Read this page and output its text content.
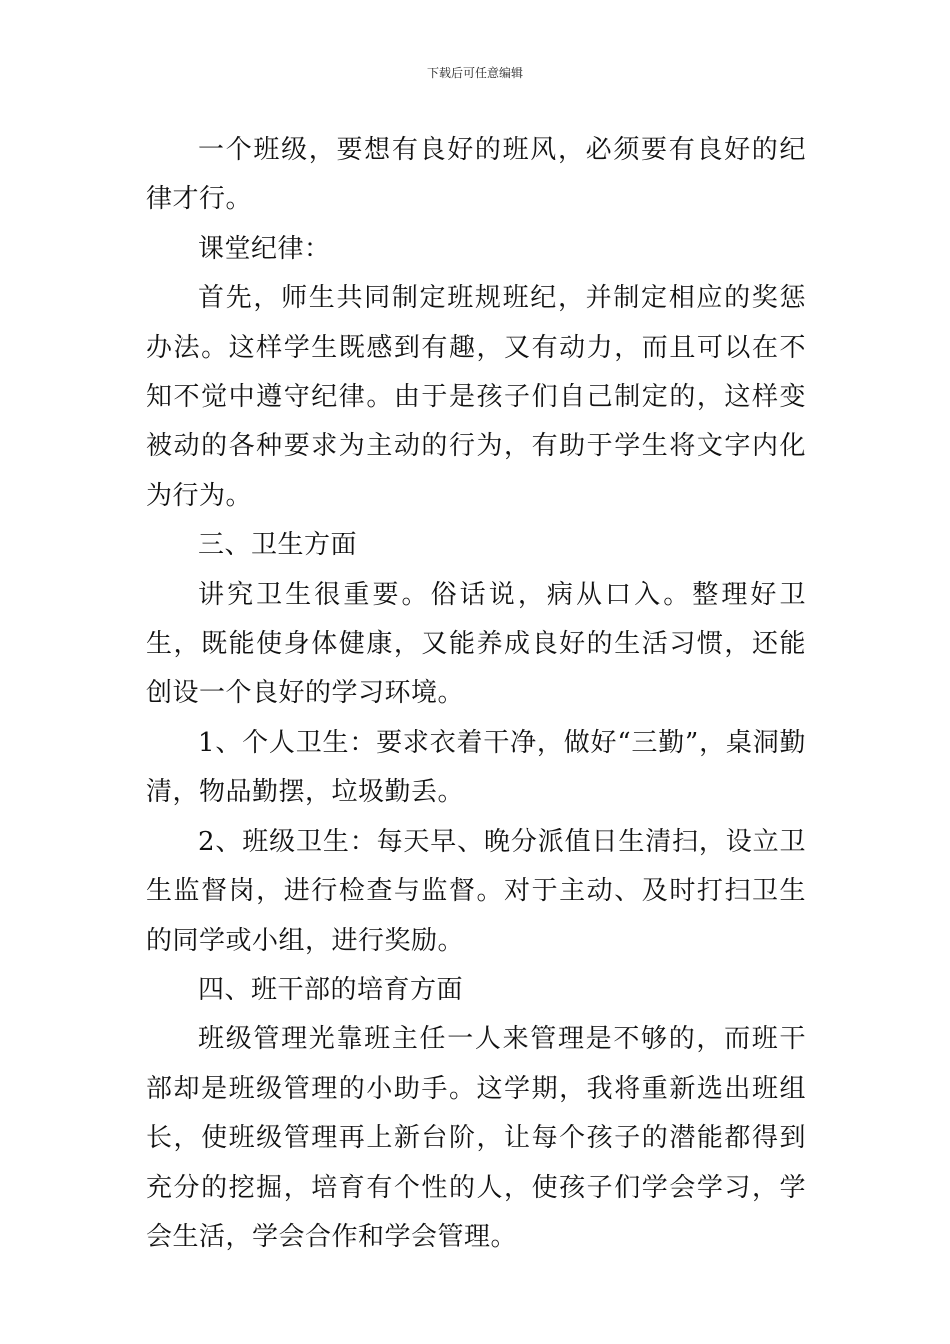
下载后可任意编辑

一个班级，要想有良好的班风，必须要有良好的纪律才行。

课堂纪律：

首先，师生共同制定班规班纪，并制定相应的奖惩办法。这样学生既感到有趣，又有动力，而且可以在不知不觉中遵守纪律。由于是孩子们自己制定的，这样变被动的各种要求为主动的行为，有助于学生将文字内化为行为。

三、卫生方面

讲究卫生很重要。俗话说，病从口入。整理好卫生，既能使身体健康，又能养成良好的生活习惯，还能创设一个良好的学习环境。

1、个人卫生：要求衣着干净，做好“三勤”，桌洞勤清，物品勤摆，垃圾勤丢。

2、班级卫生：每天早、晚分派值日生清扫，设立卫生监督岗，进行检查与监督。对于主动、及时打扫卫生的同学或小组，进行奖励。

四、班干部的培育方面

班级管理光靠班主任一人来管理是不够的，而班干部却是班级管理的小助手。这学期，我将重新选出班组长，使班级管理再上新台阶，让每个孩子的潜能都得到充分的挖掘，培育有个性的人，使孩子们学会学习，学会生活，学会合作和学会管理。
